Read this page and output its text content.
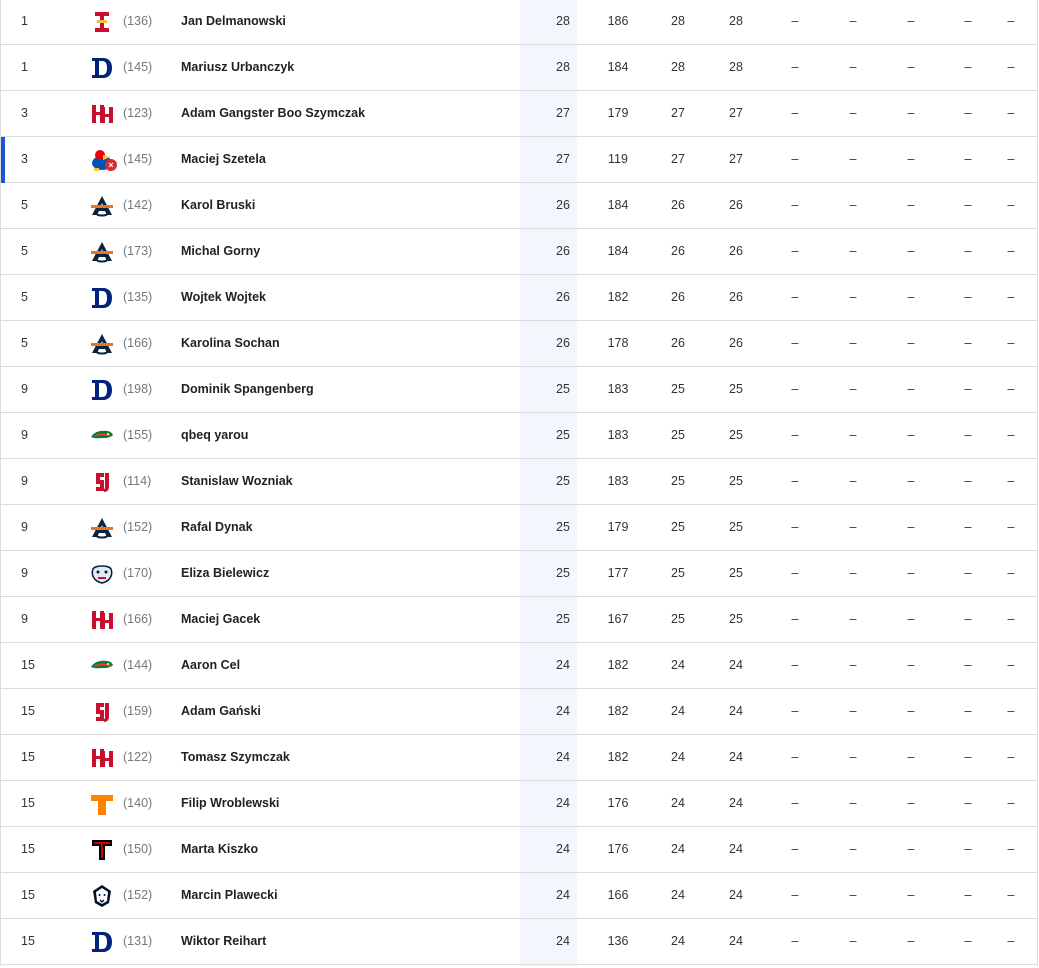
1	(136) Jan Delmanowski	28	186	28	28	–	–	–	–	–
1	(145) Mariusz Urbanczyk	28	184	28	28	–	–	–	–	–
3	(123) Adam Gangster Boo Szymczak	27	179	27	27	–	–	–	–	–
3	× (145) Maciej Szetela	27	119	27	27	–	–	–	–	–
5	(142) Karol Bruski	26	184	26	26	–	–	–	–	–
5	(173) Michal Gorny	26	184	26	26	–	–	–	–	–
5	(135) Wojtek Wojtek	26	182	26	26	–	–	–	–	–
5	(166) Karolina Sochan	26	178	26	26	–	–	–	–	–
9	(198) Dominik Spangenberg	25	183	25	25	–	–	–	–	–
9	(155) qbeq yarou	25	183	25	25	–	–	–	–	–
9	(114) Stanislaw Wozniak	25	183	25	25	–	–	–	–	–
9	(152) Rafal Dynak	25	179	25	25	–	–	–	–	–
9	(170) Eliza Bielewicz	25	177	25	25	–	–	–	–	–
9	(166) Maciej Gacek	25	167	25	25	–	–	–	–	–
15	(144) Aaron Cel	24	182	24	24	–	–	–	–	–
15	(159) Adam Gański	24	182	24	24	–	–	–	–	–
15	(122) Tomasz Szymczak	24	182	24	24	–	–	–	–	–
15	(140) Filip Wroblewski	24	176	24	24	–	–	–	–	–
15	(150) Marta Kiszko	24	176	24	24	–	–	–	–	–
15	(152) Marcin Plawecki	24	166	24	24	–	–	–	–	–
15	(131) Wiktor Reihart	24	136	24	24	–	–	–	–	–
